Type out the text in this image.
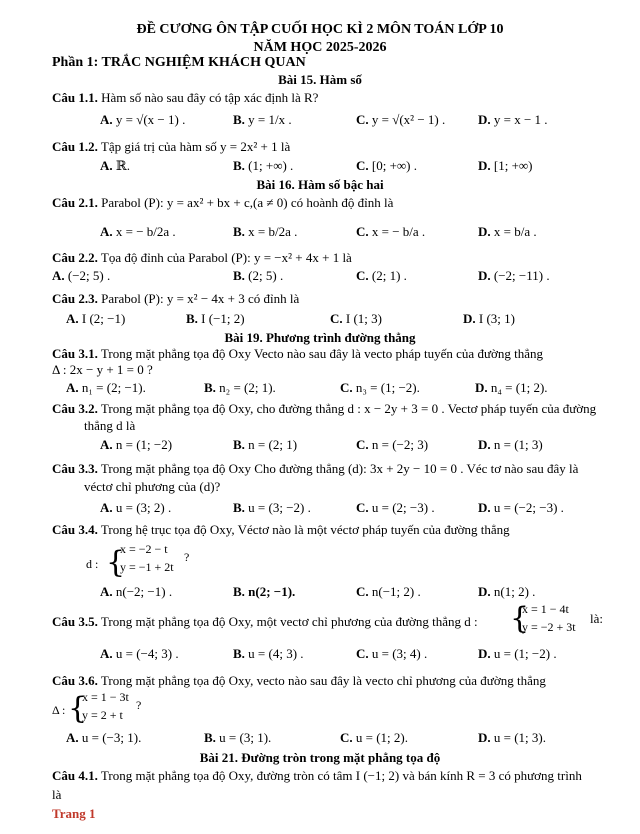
ĐỀ CƯƠNG ÔN TẬP CUỐI HỌC KÌ 2 MÔN TOÁN LỚP 10
NĂM HỌC 2025-2026
Phần 1: TRẮC NGHIỆM KHÁCH QUAN
Bài 15. Hàm số
Câu 1.1. Hàm số nào sau đây có tập xác định là R?
A. y = √(x − 1) .	B. y = 1/x .	C. y = √(x² − 1) .	D. y = x − 1 .
Câu 1.2. Tập giá trị của hàm số y = 2x² + 1 là
A. ℝ.	B. (1; +∞) .	C. [0; +∞) .	D. [1; +∞)
Bài 16. Hàm số bậc hai
Câu 2.1. Parabol (P): y = ax² + bx + c,(a ≠ 0) có hoành độ đỉnh là
A. x = − b/2a .	B. x = b/2a .	C. x = − b/a .	D. x = b/a .
Câu 2.2. Tọa độ đỉnh của Parabol (P): y = −x² + 4x + 1 là
A. (−2; 5) .	B. (2; 5) .	C. (2; 1) .	D. (−2; −11) .
Câu 2.3. Parabol (P): y = x² − 4x + 3 có đỉnh là
A. I (2; −1)	B. I (−1; 2)	C. I (1; 3)	D. I (3; 1)
Bài 19. Phương trình đường thẳng
Câu 3.1. Trong mặt phẳng tọa độ Oxy Vecto nào sau đây là vecto pháp tuyến của đường thẳng
Δ : 2x − y + 1 = 0 ?
A. n₁ = (2; −1).	B. n₂ = (2; 1).	C. n₃ = (1; −2).	D. n₄ = (1; 2).
Câu 3.2. Trong mặt phẳng tọa độ Oxy, cho đường thẳng d : x − 2y + 3 = 0 . Vectơ pháp tuyến của đường
thẳng d là
A. n = (1; −2)	B. n = (2; 1)	C. n = (−2; 3)	D. n = (1; 3)
Câu 3.3. Trong mặt phẳng tọa độ Oxy Cho đường thẳng (d): 3x + 2y − 10 = 0 . Véc tơ nào sau đây là
véctơ chỉ phương của (d)?
A. u = (3; 2) .	B. u = (3; −2) .	C. u = (2; −3) .	D. u = (−2; −3) .
Câu 3.4. Trong hệ trục tọa độ Oxy, Véctơ nào là một véctơ pháp tuyến của đường thẳng
d : {
x = −2 − t
y = −1 + 2t
?
A. n(−2; −1) .	B. n(2; −1).	C. n(−1; 2) .	D. n(1; 2) .
Câu 3.5. Trong mặt phẳng tọa độ Oxy, một vectơ chỉ phương của đường thẳng d : {
x = 1 − 4t
y = −2 + 3t
là:
A. u = (−4; 3) .	B. u = (4; 3) .	C. u = (3; 4) .	D. u = (1; −2) .
Câu 3.6. Trong mặt phẳng tọa độ Oxy, vecto nào sau đây là vecto chỉ phương của đường thẳng
Δ : {
x = 1 − 3t
y = 2 + t
?
A. u = (−3; 1).	B. u = (3; 1).	C. u = (1; 2).	D. u = (1; 3).
Bài 21. Đường tròn trong mặt phẳng tọa độ
Câu 4.1. Trong mặt phẳng tọa độ Oxy, đường tròn có tâm I (−1; 2) và bán kính R = 3 có phương trình
là
Trang 1
